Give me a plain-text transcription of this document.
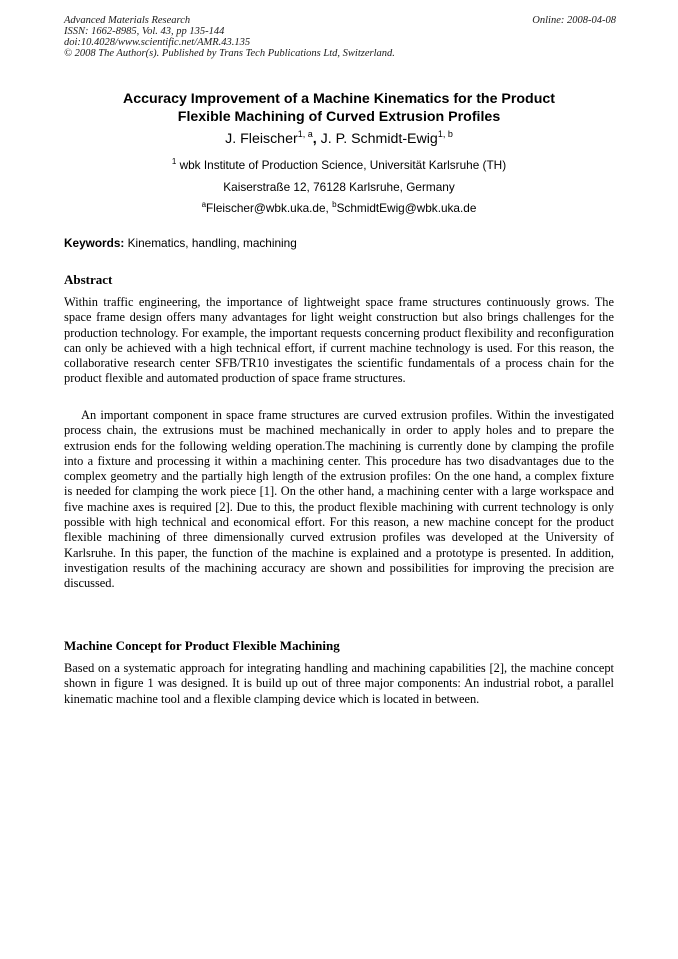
Advanced Materials Research	Online: 2008-04-08
ISSN: 1662-8985, Vol. 43, pp 135-144
doi:10.4028/www.scientific.net/AMR.43.135
© 2008 The Author(s). Published by Trans Tech Publications Ltd, Switzerland.
Accuracy Improvement of a Machine Kinematics for the Product
Flexible Machining of Curved Extrusion Profiles
J. Fleischer$^{1, a}$, J. P. Schmidt-Ewig$^{1, b}$
$^1$ wbk Institute of Production Science, Universität Karlsruhe (TH)
Kaiserstraße 12, 76128 Karlsruhe, Germany
$^a$Fleischer@wbk.uka.de, $^b$SchmidtEwig@wbk.uka.de
Keywords: Kinematics, handling, machining
Abstract
Within traffic engineering, the importance of lightweight space frame structures continuously grows. The space frame design offers many advantages for light weight construction but also brings challenges for the production technology. For example, the important requests concerning product flexibility and reconfiguration can only be achieved with a high technical effort, if current machine technology is used. For this reason, the collaborative research center SFB/TR10 investigates the scientific fundamentals of a process chain for the product flexible and automated production of space frame structures.
An important component in space frame structures are curved extrusion profiles. Within the investigated process chain, the extrusions must be machined mechanically in order to apply holes and to prepare the extrusion ends for the following welding operation.The machining is currently done by clamping the profile into a fixture and processing it within a machining center. This procedure has two disadvantages due to the complex geometry and the partially high length of the extrusion profiles: On the one hand, a complex fixture is needed for clamping the work piece [1]. On the other hand, a machining center with a large workspace and five machine axes is required [2]. Due to this, the product flexible machining with current technology is only possible with high technical and economical effort. For this reason, a new machine concept for the product flexible machining of three dimensionally curved extrusion profiles was developed at the University of Karlsruhe. In this paper, the function of the machine is explained and a prototype is presented. In addition, investigation results of the machining accuracy are shown and possibilities for improving the precision are discussed.
Machine Concept for Product Flexible Machining
Based on a systematic approach for integrating handling and machining capabilities [2], the machine concept shown in figure 1 was designed. It is build up out of three major components: An industrial robot, a parallel kinematic machine tool and a flexible clamping device which is located in between.
